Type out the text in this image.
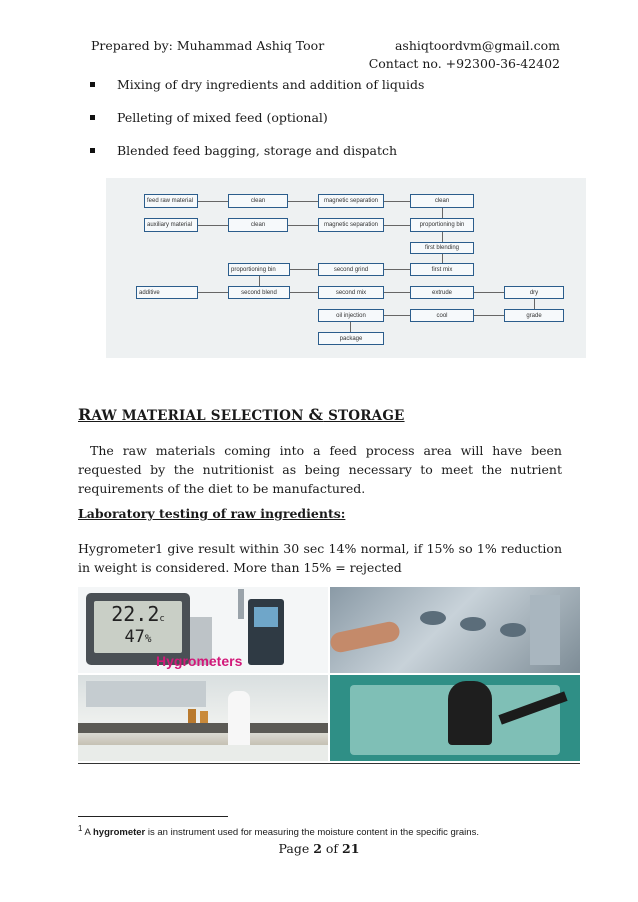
Prepared by: Muhammad Ashiq Toor	ashiqtoordvm@gmail.com
Contact no. +92300-36-42402
Mixing of dry ingredients and addition of liquids
Pelleting of mixed feed (optional)
Blended feed bagging, storage and dispatch
feed raw material	clean	magnetic separation	clean
auxiliary material	clean	magnetic separation	proportioning bin
first blending
proportioning bin	second grind	first mix
additive	second blend	second mix	extrude	dry
oil injection	cool	grade
package
RAW MATERIAL SELECTION & STORAGE
The raw materials coming into a feed process area will have been requested by the nutritionist as being necessary to meet the nutrient requirements of the diet to be manufactured.
Laboratory testing of raw ingredients:
Hygrometer1 give result within 30 sec 14% normal, if 15% so 1% reduction in weight is considered. More than 15% = rejected
22.2c
47%
Hygrometers
$^1$ A hygrometer is an instrument used for measuring the moisture content in the specific grains.
Page 2 of 21
